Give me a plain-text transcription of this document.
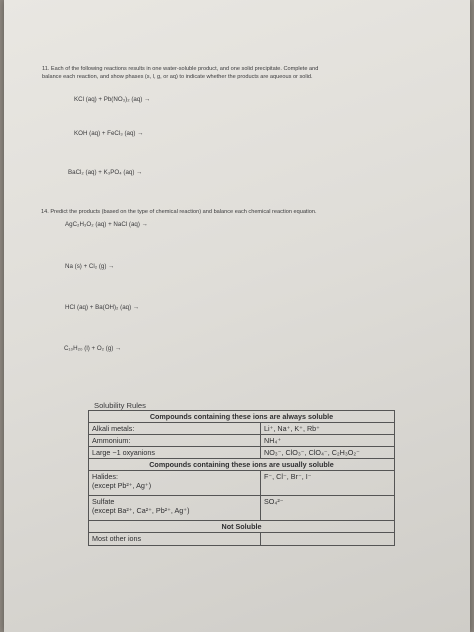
11. Each of the following reactions results in one water-soluble product, and one solid precipitate. Complete and
balance each reaction, and show phases (s, l, g, or aq) to indicate whether the products are aqueous or solid.
KCl (aq) + Pb(NO₃)₂ (aq) →
KOH (aq) + FeCl₃ (aq) →
BaCl₂ (aq) + K₃PO₄ (aq) →
14. Predict the products (based on the type of chemical reaction) and balance each chemical reaction equation.
AgC₂H₃O₂ (aq) + NaCl (aq) →
Na (s) + Cl₂ (g) →
HCl (aq) + Ba(OH)₂ (aq) →
C₁₀H₂₀ (l) + O₂ (g) →
Solubility Rules
Compounds containing these ions are always soluble	
Alkali metals:	Li⁺, Na⁺, K⁺, Rb⁺
Ammonium:	NH₄⁺
Large −1 oxyanions	NO₃⁻, ClO₃⁻, ClO₄⁻, C₂H₃O₂⁻
Compounds containing these ions are usually soluble	

Halides:
(except Pb²⁺, Ag⁺)	F⁻, Cl⁻, Br⁻, I⁻

Sulfate
(except Ba²⁺, Ca²⁺, Pb²⁺, Ag⁺)	SO₄²⁻
Not Soluble	
Most other ions	
